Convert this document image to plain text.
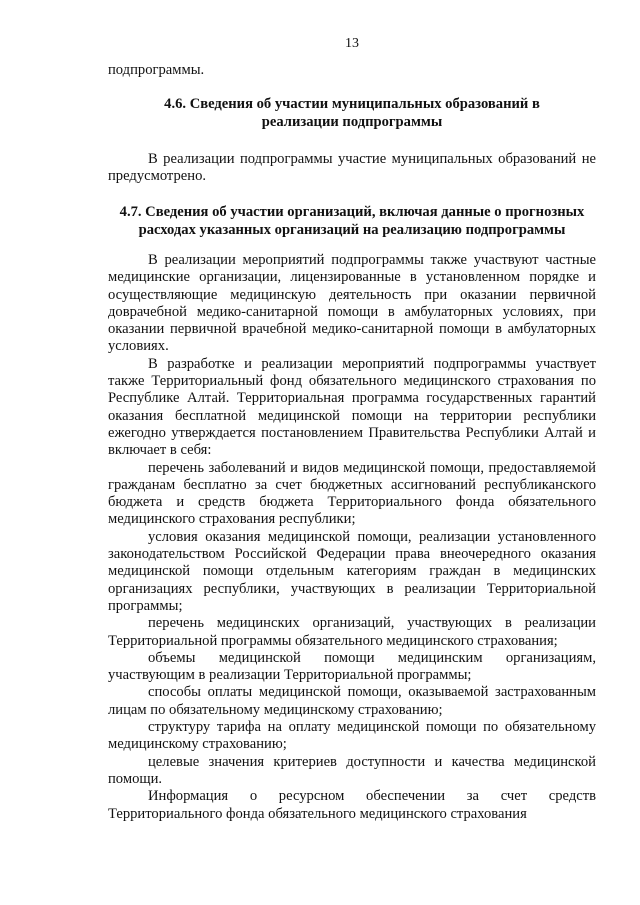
13

подпрограммы.

4.6. Сведения об участии муниципальных образований в реализации подпрограммы

В реализации подпрограммы участие муниципальных образований не предусмотрено.

4.7. Сведения об участии организаций, включая данные о прогнозных расходах указанных организаций на реализацию подпрограммы

В реализации мероприятий подпрограммы также участвуют частные медицинские организации, лицензированные в установленном порядке и осуществляющие медицинскую деятельность при оказании первичной доврачебной медико-санитарной помощи в амбулаторных условиях, при оказании первичной врачебной медико-санитарной помощи в амбулаторных условиях.

В разработке и реализации мероприятий подпрограммы участвует также Территориальный фонд обязательного медицинского страхования по Республике Алтай. Территориальная программа государственных гарантий оказания бесплатной медицинской помощи на территории республики ежегодно утверждается постановлением Правительства Республики Алтай и включает в себя:

перечень заболеваний и видов медицинской помощи, предоставляемой гражданам бесплатно за счет бюджетных ассигнований республиканского бюджета и средств бюджета Территориального фонда обязательного медицинского страхования республики;

условия оказания медицинской помощи, реализации установленного законодательством Российской Федерации права внеочередного оказания медицинской помощи отдельным категориям граждан в медицинских организациях республики, участвующих в реализации Территориальной программы;

перечень медицинских организаций, участвующих в реализации Территориальной программы обязательного медицинского страхования;

объемы медицинской помощи медицинским организациям, участвующим в реализации Территориальной программы;

способы оплаты медицинской помощи, оказываемой застрахованным лицам по обязательному медицинскому страхованию;

структуру тарифа на оплату медицинской помощи по обязательному медицинскому страхованию;

целевые значения критериев доступности и качества медицинской помощи.

Информация о ресурсном обеспечении за счет средств Территориального фонда обязательного медицинского страхования
